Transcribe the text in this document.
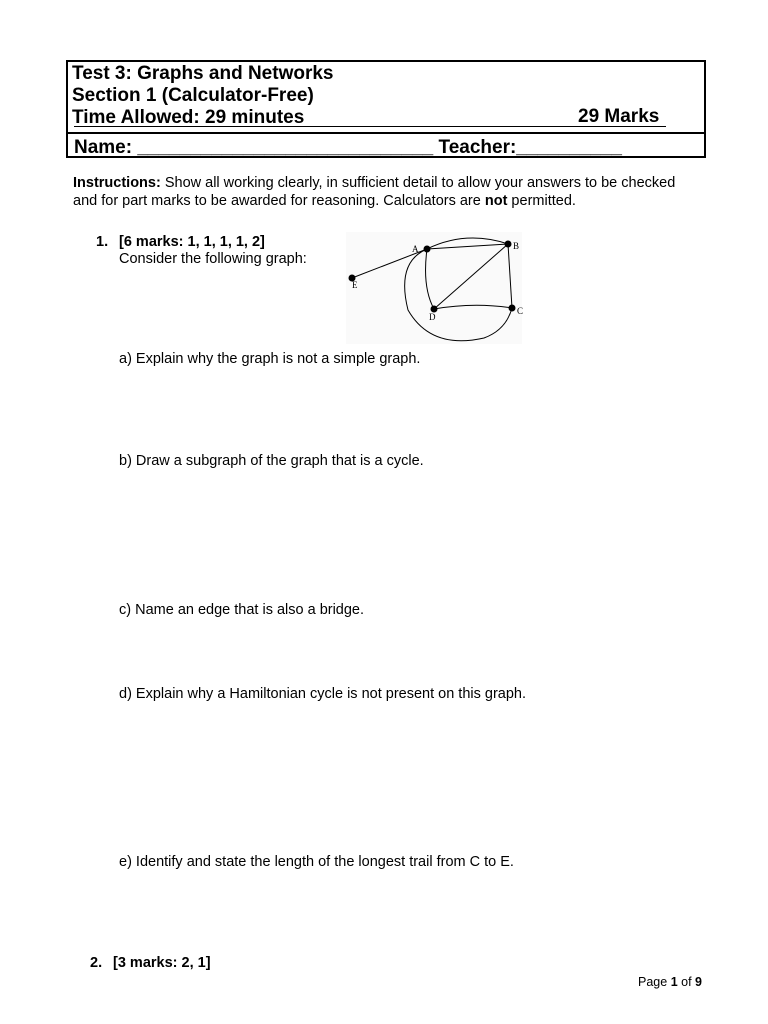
Test 3: Graphs and Networks
Section 1 (Calculator-Free)
Time Allowed: 29 minutes	29 Marks
Name: ____________________________ Teacher:__________
Instructions: Show all working clearly, in sufficient detail to allow your answers to be checked and for part marks to be awarded for reasoning. Calculators are not permitted.
1. [6 marks: 1, 1, 1, 1, 2]
Consider the following graph:
A	B
C
D
E
a) Explain why the graph is not a simple graph.
b) Draw a subgraph of the graph that is a cycle.
c) Name an edge that is also a bridge.
d) Explain why a Hamiltonian cycle is not present on this graph.
e) Identify and state the length of the longest trail from C to E.
2. [3 marks: 2, 1]
Page 1 of 9
